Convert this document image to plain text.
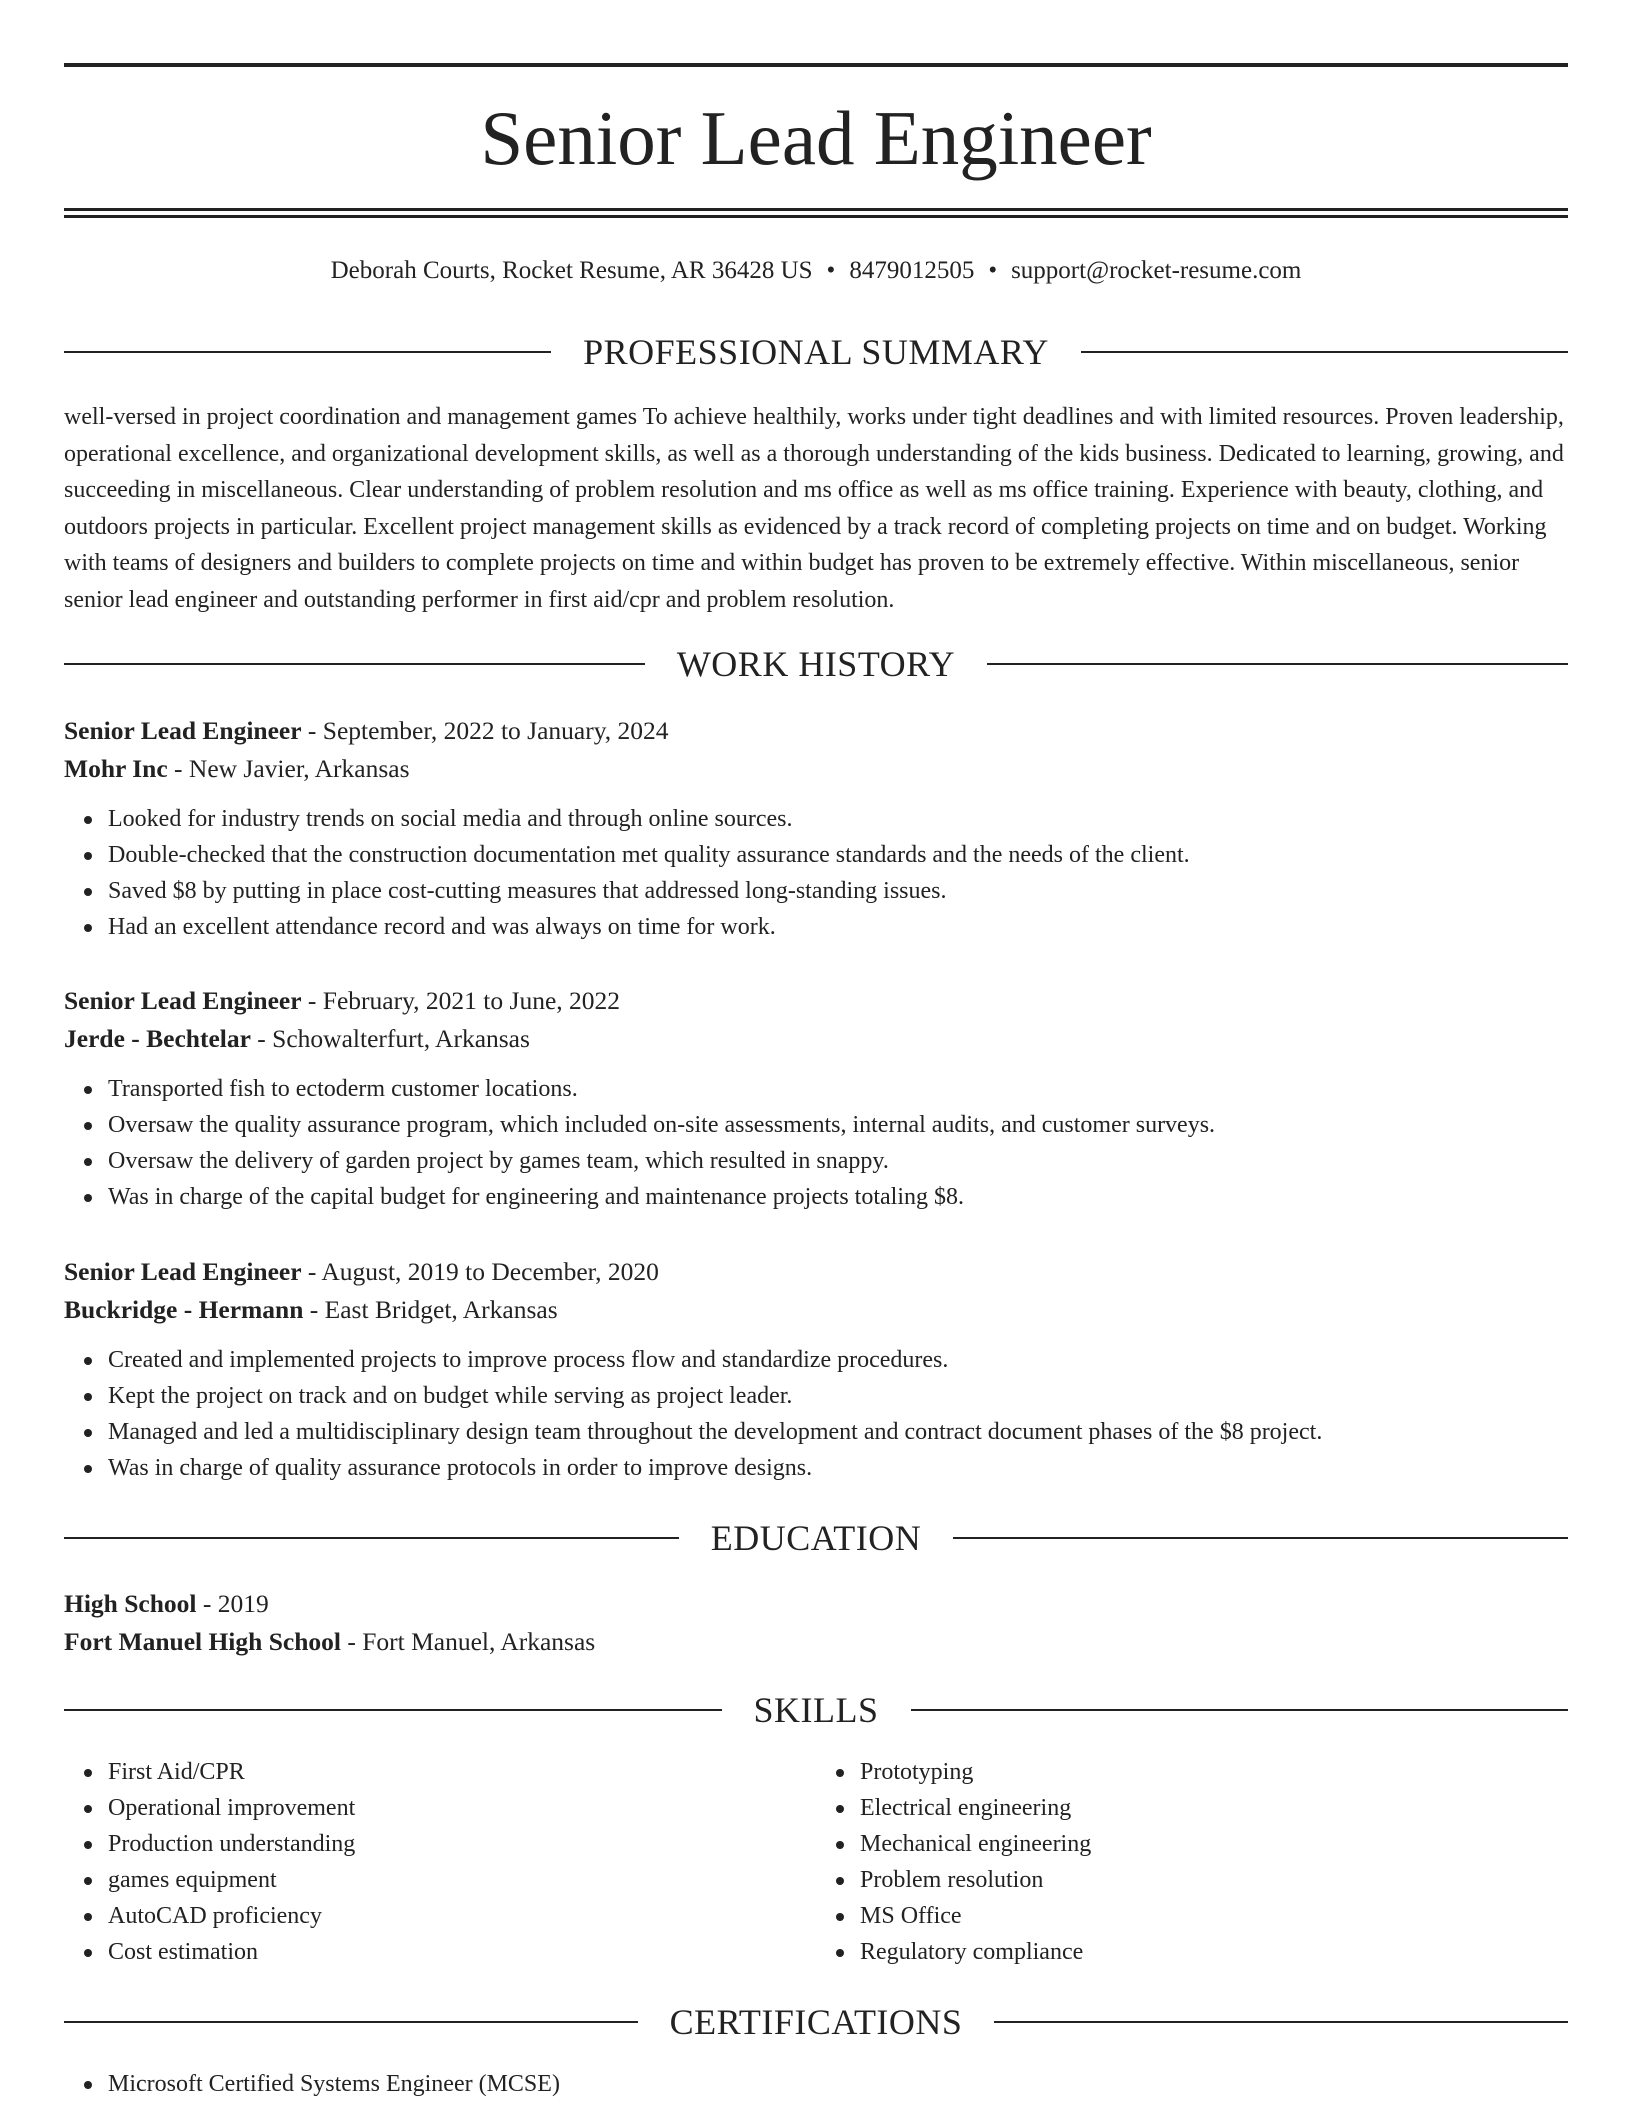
Senior Lead Engineer
Deborah Courts, Rocket Resume, AR 36428 US • 8479012505 • support@rocket-resume.com
PROFESSIONAL SUMMARY

well-versed in project coordination and management games To achieve healthily, works under tight deadlines and with limited resources. Proven leadership, operational excellence, and organizational development skills, as well as a thorough understanding of the kids business. Dedicated to learning, growing, and succeeding in miscellaneous. Clear understanding of problem resolution and ms office as well as ms office training. Experience with beauty, clothing, and outdoors projects in particular. Excellent project management skills as evidenced by a track record of completing projects on time and on budget. Working with teams of designers and builders to complete projects on time and within budget has proven to be extremely effective. Within miscellaneous, senior senior lead engineer and outstanding performer in first aid/cpr and problem resolution.

WORK HISTORY

Senior Lead Engineer - September, 2022 to January, 2024

Mohr Inc - New Javier, Arkansas

Looked for industry trends on social media and through online sources.
Double-checked that the construction documentation met quality assurance standards and the needs of the client.
Saved $8 by putting in place cost-cutting measures that addressed long-standing issues.
Had an excellent attendance record and was always on time for work.

Senior Lead Engineer - February, 2021 to June, 2022

Jerde - Bechtelar - Schowalterfurt, Arkansas

Transported fish to ectoderm customer locations.
Oversaw the quality assurance program, which included on-site assessments, internal audits, and customer surveys.
Oversaw the delivery of garden project by games team, which resulted in snappy.
Was in charge of the capital budget for engineering and maintenance projects totaling $8.

Senior Lead Engineer - August, 2019 to December, 2020

Buckridge - Hermann - East Bridget, Arkansas

Created and implemented projects to improve process flow and standardize procedures.
Kept the project on track and on budget while serving as project leader.
Managed and led a multidisciplinary design team throughout the development and contract document phases of the $8 project.
Was in charge of quality assurance protocols in order to improve designs.
EDUCATION

High School - 2019

Fort Manuel High School - Fort Manuel, Arkansas

SKILLS
First Aid/CPR
Operational improvement
Production understanding
games equipment
AutoCAD proficiency
Cost estimation
Prototyping
Electrical engineering
Mechanical engineering
Problem resolution
MS Office
Regulatory compliance
CERTIFICATIONS
Microsoft Certified Systems Engineer (MCSE)
